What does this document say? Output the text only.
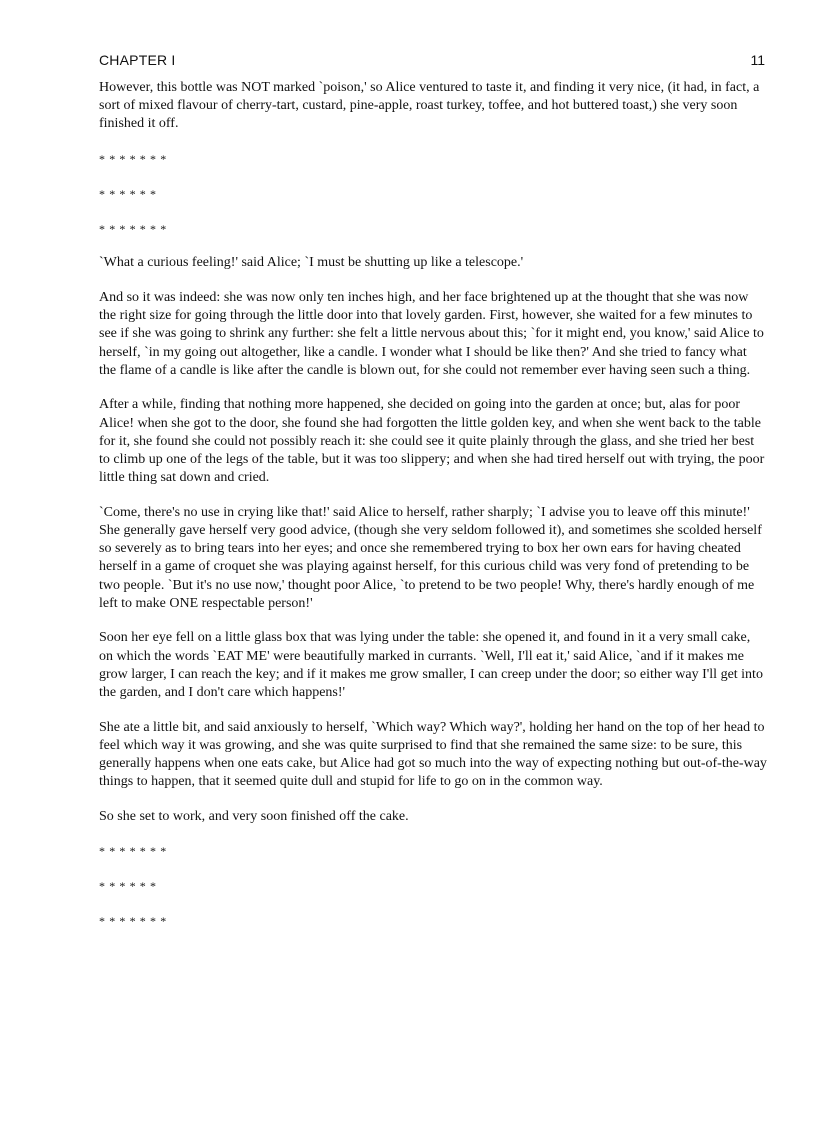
CHAPTER I	11

However, this bottle was NOT marked `poison,' so Alice ventured to taste it, and finding it very nice, (it had, in fact, a sort of mixed flavour of cherry-tart, custard, pine-apple, roast turkey, toffee, and hot buttered toast,) she very soon finished it off.

* * * * * * *

* * * * * *

* * * * * * *

`What a curious feeling!' said Alice; `I must be shutting up like a telescope.'

And so it was indeed: she was now only ten inches high, and her face brightened up at the thought that she was now the right size for going through the little door into that lovely garden. First, however, she waited for a few minutes to see if she was going to shrink any further: she felt a little nervous about this; `for it might end, you know,' said Alice to herself, `in my going out altogether, like a candle. I wonder what I should be like then?' And she tried to fancy what the flame of a candle is like after the candle is blown out, for she could not remember ever having seen such a thing.

After a while, finding that nothing more happened, she decided on going into the garden at once; but, alas for poor Alice! when she got to the door, she found she had forgotten the little golden key, and when she went back to the table for it, she found she could not possibly reach it: she could see it quite plainly through the glass, and she tried her best to climb up one of the legs of the table, but it was too slippery; and when she had tired herself out with trying, the poor little thing sat down and cried.

`Come, there's no use in crying like that!' said Alice to herself, rather sharply; `I advise you to leave off this minute!' She generally gave herself very good advice, (though she very seldom followed it), and sometimes she scolded herself so severely as to bring tears into her eyes; and once she remembered trying to box her own ears for having cheated herself in a game of croquet she was playing against herself, for this curious child was very fond of pretending to be two people. `But it's no use now,' thought poor Alice, `to pretend to be two people! Why, there's hardly enough of me left to make ONE respectable person!'

Soon her eye fell on a little glass box that was lying under the table: she opened it, and found in it a very small cake, on which the words `EAT ME' were beautifully marked in currants. `Well, I'll eat it,' said Alice, `and if it makes me grow larger, I can reach the key; and if it makes me grow smaller, I can creep under the door; so either way I'll get into the garden, and I don't care which happens!'

She ate a little bit, and said anxiously to herself, `Which way? Which way?', holding her hand on the top of her head to feel which way it was growing, and she was quite surprised to find that she remained the same size: to be sure, this generally happens when one eats cake, but Alice had got so much into the way of expecting nothing but out-of-the-way things to happen, that it seemed quite dull and stupid for life to go on in the common way.

So she set to work, and very soon finished off the cake.

* * * * * * *

* * * * * *

* * * * * * *
